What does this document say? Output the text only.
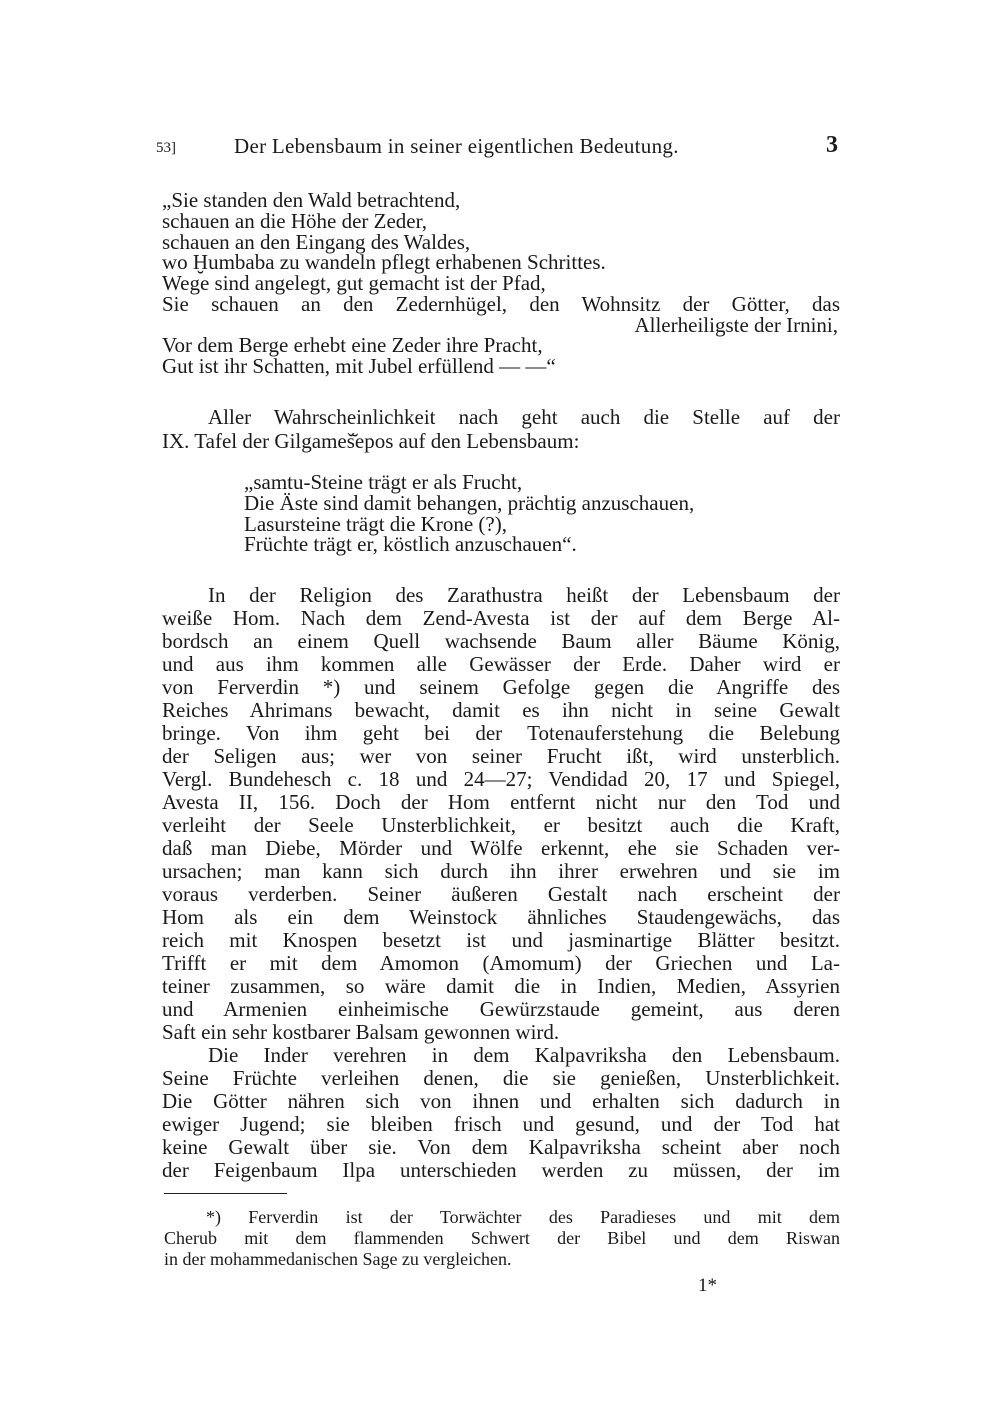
53]	Der Lebensbaum in seiner eigentlichen Bedeutung.	3
„Sie standen den Wald betrachtend,
schauen an die Höhe der Zeder,
schauen an den Eingang des Waldes,
wo Ḫumbaba zu wandeln pflegt erhabenen Schrittes.
Wege sind angelegt, gut gemacht ist der Pfad,
Sie schauen an den Zedernhügel, den Wohnsitz der Götter, das
Allerheiligste der Irnini,
Vor dem Berge erhebt eine Zeder ihre Pracht,
Gut ist ihr Schatten, mit Jubel erfüllend — —“
Aller Wahrscheinlichkeit nach geht auch die Stelle auf der
IX. Tafel der Gilgameš̆epos auf den Lebensbaum:
„samtu-Steine trägt er als Frucht,
Die Äste sind damit behangen, prächtig anzuschauen,
Lasursteine trägt die Krone (?),
Früchte trägt er, köstlich anzuschauen“.
In der Religion des Zarathustra heißt der Lebensbaum der
weiße Hom. Nach dem Zend-Avesta ist der auf dem Berge Al-
bordsch an einem Quell wachsende Baum aller Bäume König,
und aus ihm kommen alle Gewässer der Erde. Daher wird er
von Ferverdin *) und seinem Gefolge gegen die Angriffe des
Reiches Ahrimans bewacht, damit es ihn nicht in seine Gewalt
bringe. Von ihm geht bei der Totenauferstehung die Belebung
der Seligen aus; wer von seiner Frucht ißt, wird unsterblich.
Vergl. Bundehesch c. 18 und 24—27; Vendidad 20, 17 und Spiegel,
Avesta II, 156. Doch der Hom entfernt nicht nur den Tod und
verleiht der Seele Unsterblichkeit, er besitzt auch die Kraft,
daß man Diebe, Mörder und Wölfe erkennt, ehe sie Schaden ver-
ursachen; man kann sich durch ihn ihrer erwehren und sie im
voraus verderben. Seiner äußeren Gestalt nach erscheint der
Hom als ein dem Weinstock ähnliches Staudengewächs, das
reich mit Knospen besetzt ist und jasminartige Blätter besitzt.
Trifft er mit dem Amomon (Amomum) der Griechen und La-
teiner zusammen, so wäre damit die in Indien, Medien, Assyrien
und Armenien einheimische Gewürzstaude gemeint, aus deren
Saft ein sehr kostbarer Balsam gewonnen wird.
Die Inder verehren in dem Kalpavriksha den Lebensbaum.
Seine Früchte verleihen denen, die sie genießen, Unsterblichkeit.
Die Götter nähren sich von ihnen und erhalten sich dadurch in
ewiger Jugend; sie bleiben frisch und gesund, und der Tod hat
keine Gewalt über sie. Von dem Kalpavriksha scheint aber noch
der Feigenbaum Ilpa unterschieden werden zu müssen, der im
*) Ferverdin ist der Torwächter des Paradieses und mit dem
Cherub mit dem flammenden Schwert der Bibel und dem Riswan
in der mohammedanischen Sage zu vergleichen.
1*
